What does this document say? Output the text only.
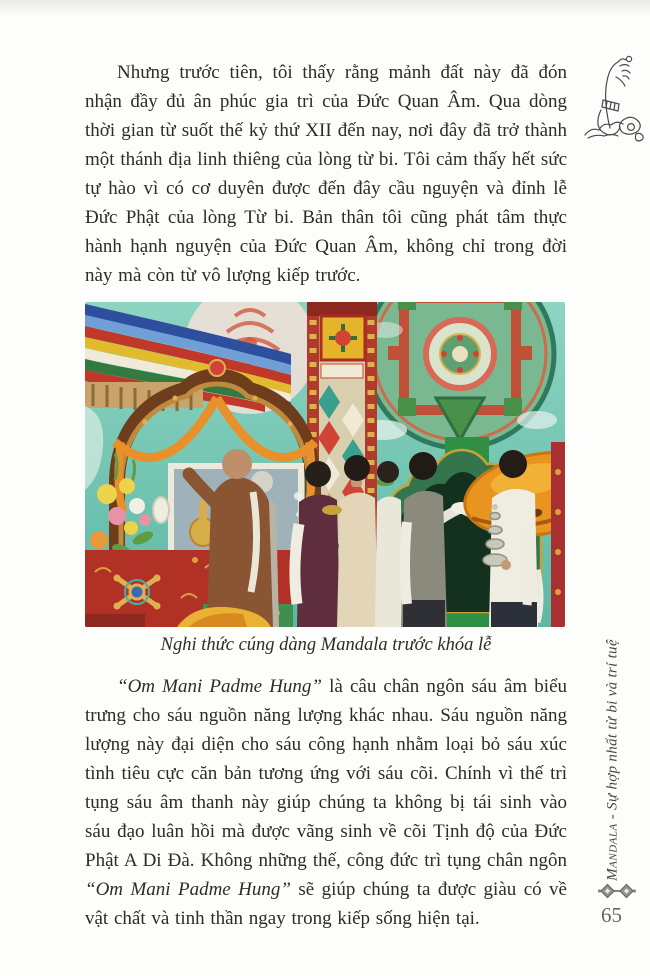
Nhưng trước tiên, tôi thấy rằng mảnh đất này đã đón nhận đầy đủ ân phúc gia trì của Đức Quan Âm. Qua dòng thời gian từ suốt thế kỷ thứ XII đến nay, nơi đây đã trở thành một thánh địa linh thiêng của lòng từ bi. Tôi cảm thấy hết sức tự hào vì có cơ duyên được đến đây cầu nguyện và đỉnh lễ Đức Phật của lòng Từ bi. Bản thân tôi cũng phát tâm thực hành hạnh nguyện của Đức Quan Âm, không chỉ trong đời này mà còn từ vô lượng kiếp trước.

Nghi thức cúng dàng Mandala trước khóa lễ

“Om Mani Padme Hung” là câu chân ngôn sáu âm biểu trưng cho sáu nguồn năng lượng khác nhau. Sáu nguồn năng lượng này đại diện cho sáu công hạnh nhằm loại bỏ sáu xúc tình tiêu cực căn bản tương ứng với sáu cõi. Chính vì thế trì tụng sáu âm thanh này giúp chúng ta không bị tái sinh vào sáu đạo luân hồi mà được vãng sinh về cõi Tịnh độ của Đức Phật A Di Đà. Không những thế, công đức trì tụng chân ngôn “Om Mani Padme Hung” sẽ giúp chúng ta được giàu có về vật chất và tinh thần ngay trong kiếp sống hiện tại.

Mandala - Sự hợp nhất từ bi và trí tuệ
65
